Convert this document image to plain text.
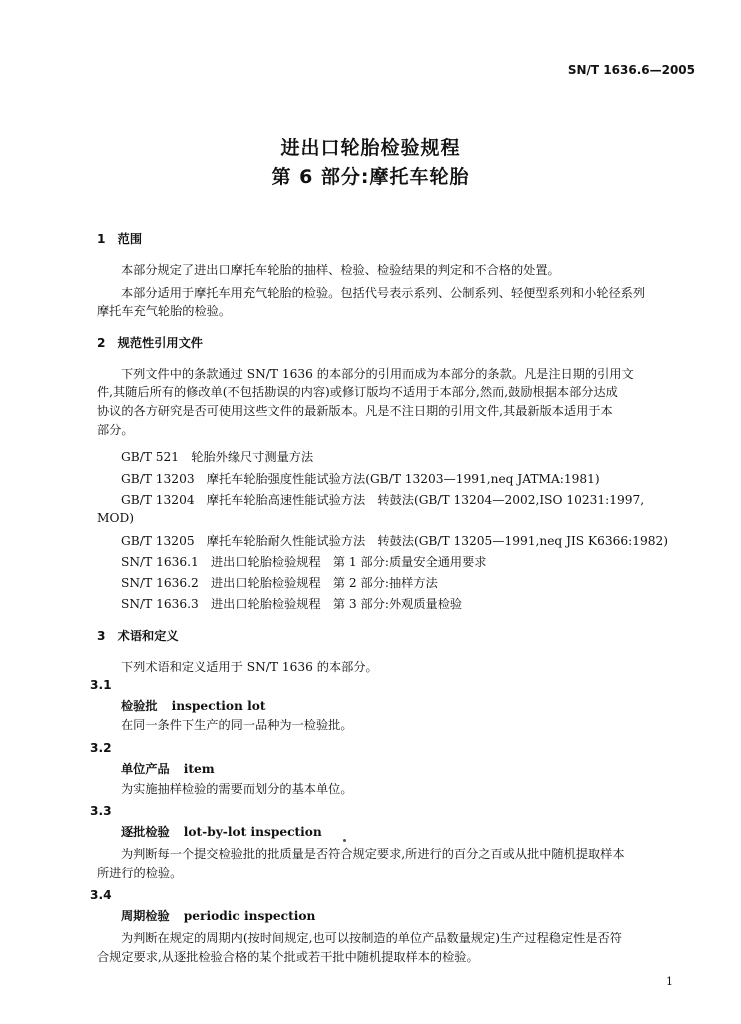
SN/T 1636.6—2005
进出口轮胎检验规程
第 6 部分:摩托车轮胎
1　范围
本部分规定了进出口摩托车轮胎的抽样、检验、检验结果的判定和不合格的处置。
本部分适用于摩托车用充气轮胎的检验。包括代号表示系列、公制系列、轻便型系列和小轮径系列
摩托车充气轮胎的检验。
2　规范性引用文件
下列文件中的条款通过 SN/T 1636 的本部分的引用而成为本部分的条款。凡是注日期的引用文
件,其随后所有的修改单(不包括勘误的内容)或修订版均不适用于本部分,然而,鼓励根据本部分达成
协议的各方研究是否可使用这些文件的最新版本。凡是不注日期的引用文件,其最新版本适用于本
部分。
GB/T 521　轮胎外缘尺寸测量方法
GB/T 13203　摩托车轮胎强度性能试验方法(GB/T 13203—1991,neq JATMA:1981)
GB/T 13204　摩托车轮胎高速性能试验方法　转鼓法(GB/T 13204—2002,ISO 10231:1997,
MOD)
GB/T 13205　摩托车轮胎耐久性能试验方法　转鼓法(GB/T 13205—1991,neq JIS K6366:1982)
SN/T 1636.1　进出口轮胎检验规程　第 1 部分:质量安全通用要求
SN/T 1636.2　进出口轮胎检验规程　第 2 部分:抽样方法
SN/T 1636.3　进出口轮胎检验规程　第 3 部分:外观质量检验
3　术语和定义
下列术语和定义适用于 SN/T 1636 的本部分。
3.1
检验批 inspection lot
在同一条件下生产的同一品种为一检验批。
3.2
单位产品 item
为实施抽样检验的需要而划分的基本单位。
3.3
逐批检验 lot-by-lot inspection
为判断每一个提交检验批的批质量是否符合规定要求,所进行的百分之百或从批中随机提取样本
所进行的检验。
3.4
周期检验 periodic inspection
为判断在规定的周期内(按时间规定,也可以按制造的单位产品数量规定)生产过程稳定性是否符
合规定要求,从逐批检验合格的某个批或若干批中随机提取样本的检验。
1
